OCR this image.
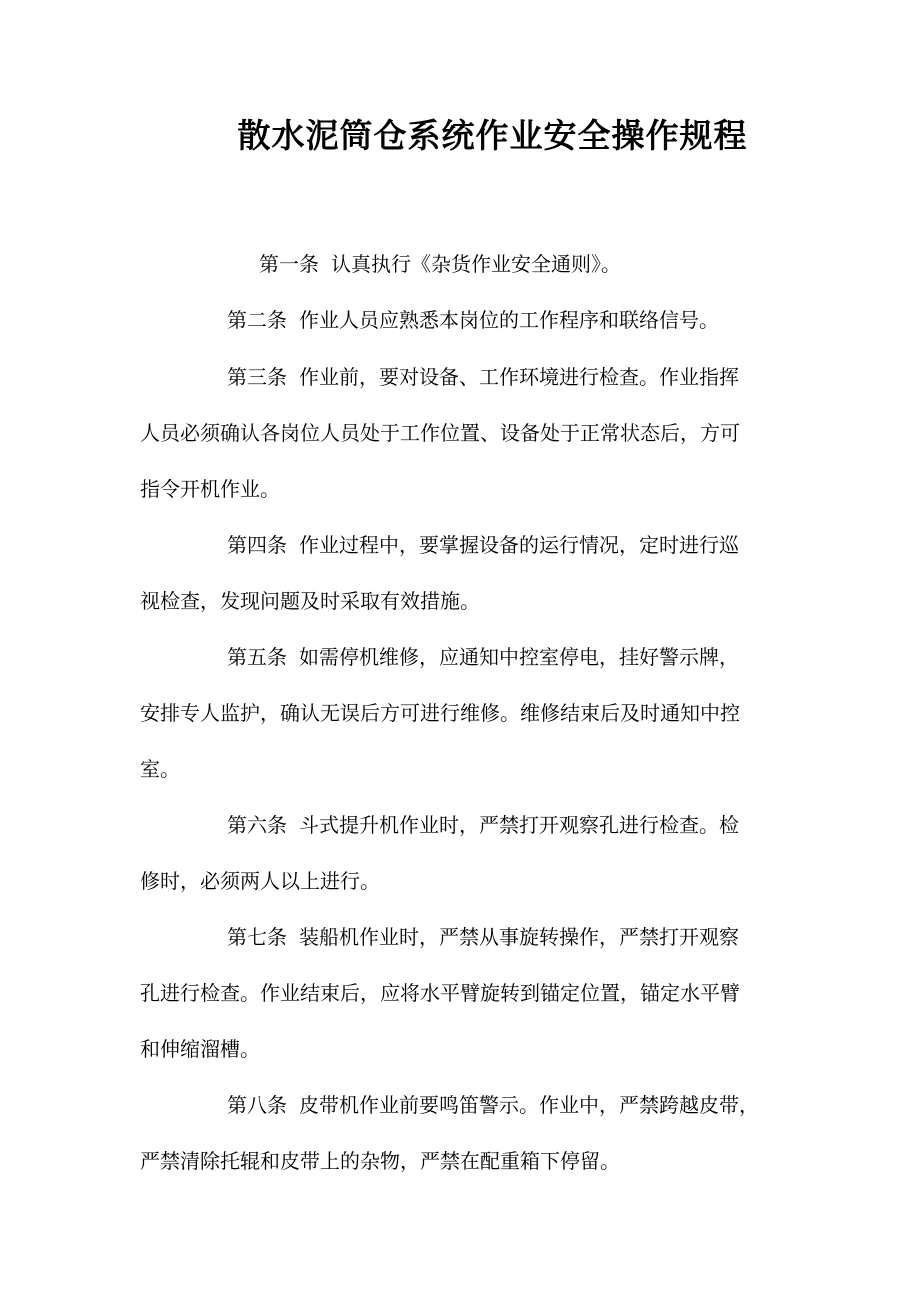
散水泥筒仓系统作业安全操作规程
第一条 认真执行《杂货作业安全通则》。
第二条 作业人员应熟悉本岗位的工作程序和联络信号。
第三条 作业前，要对设备、工作环境进行检查。作业指挥
人员必须确认各岗位人员处于工作位置、设备处于正常状态后，方可
指令开机作业。
第四条 作业过程中，要掌握设备的运行情况，定时进行巡
视检查，发现问题及时采取有效措施。
第五条 如需停机维修，应通知中控室停电，挂好警示牌，
安排专人监护，确认无误后方可进行维修。维修结束后及时通知中控
室。
第六条 斗式提升机作业时，严禁打开观察孔进行检查。检
修时，必须两人以上进行。
第七条 装船机作业时，严禁从事旋转操作，严禁打开观察
孔进行检查。作业结束后，应将水平臂旋转到锚定位置，锚定水平臂
和伸缩溜槽。
第八条 皮带机作业前要鸣笛警示。作业中，严禁跨越皮带，
严禁清除托辊和皮带上的杂物，严禁在配重箱下停留。
